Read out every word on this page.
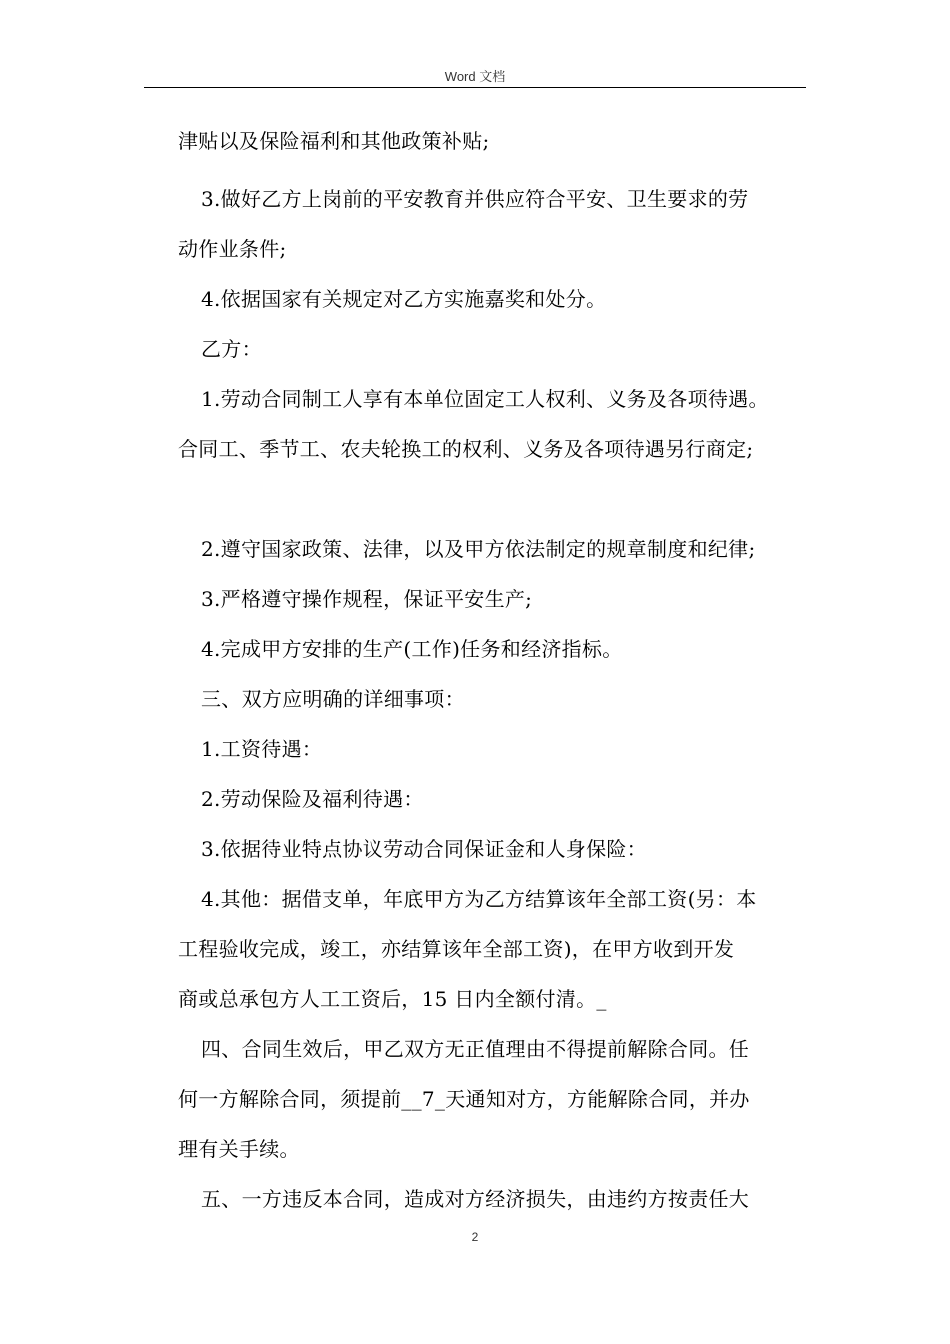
Word 文档
津贴以及保险福利和其他政策补贴;
3.做好乙方上岗前的平安教育并供应符合平安、卫生要求的劳
动作业条件;
4.依据国家有关规定对乙方实施嘉奖和处分。
乙方：
1.劳动合同制工人享有本单位固定工人权利、义务及各项待遇。
合同工、季节工、农夫轮换工的权利、义务及各项待遇另行商定;
2.遵守国家政策、法律，以及甲方依法制定的规章制度和纪律;
3.严格遵守操作规程，保证平安生产;
4.完成甲方安排的生产(工作)任务和经济指标。
三、双方应明确的详细事项：
1.工资待遇：
2.劳动保险及福利待遇：
3.依据待业特点协议劳动合同保证金和人身保险：
4.其他：据借支单，年底甲方为乙方结算该年全部工资(另：本
工程验收完成，竣工，亦结算该年全部工资)，在甲方收到开发
商或总承包方人工工资后，15 日内全额付清。_
四、合同生效后，甲乙双方无正值理由不得提前解除合同。任
何一方解除合同，须提前__7_天通知对方，方能解除合同，并办
理有关手续。
五、一方违反本合同，造成对方经济损失，由违约方按责任大
2
